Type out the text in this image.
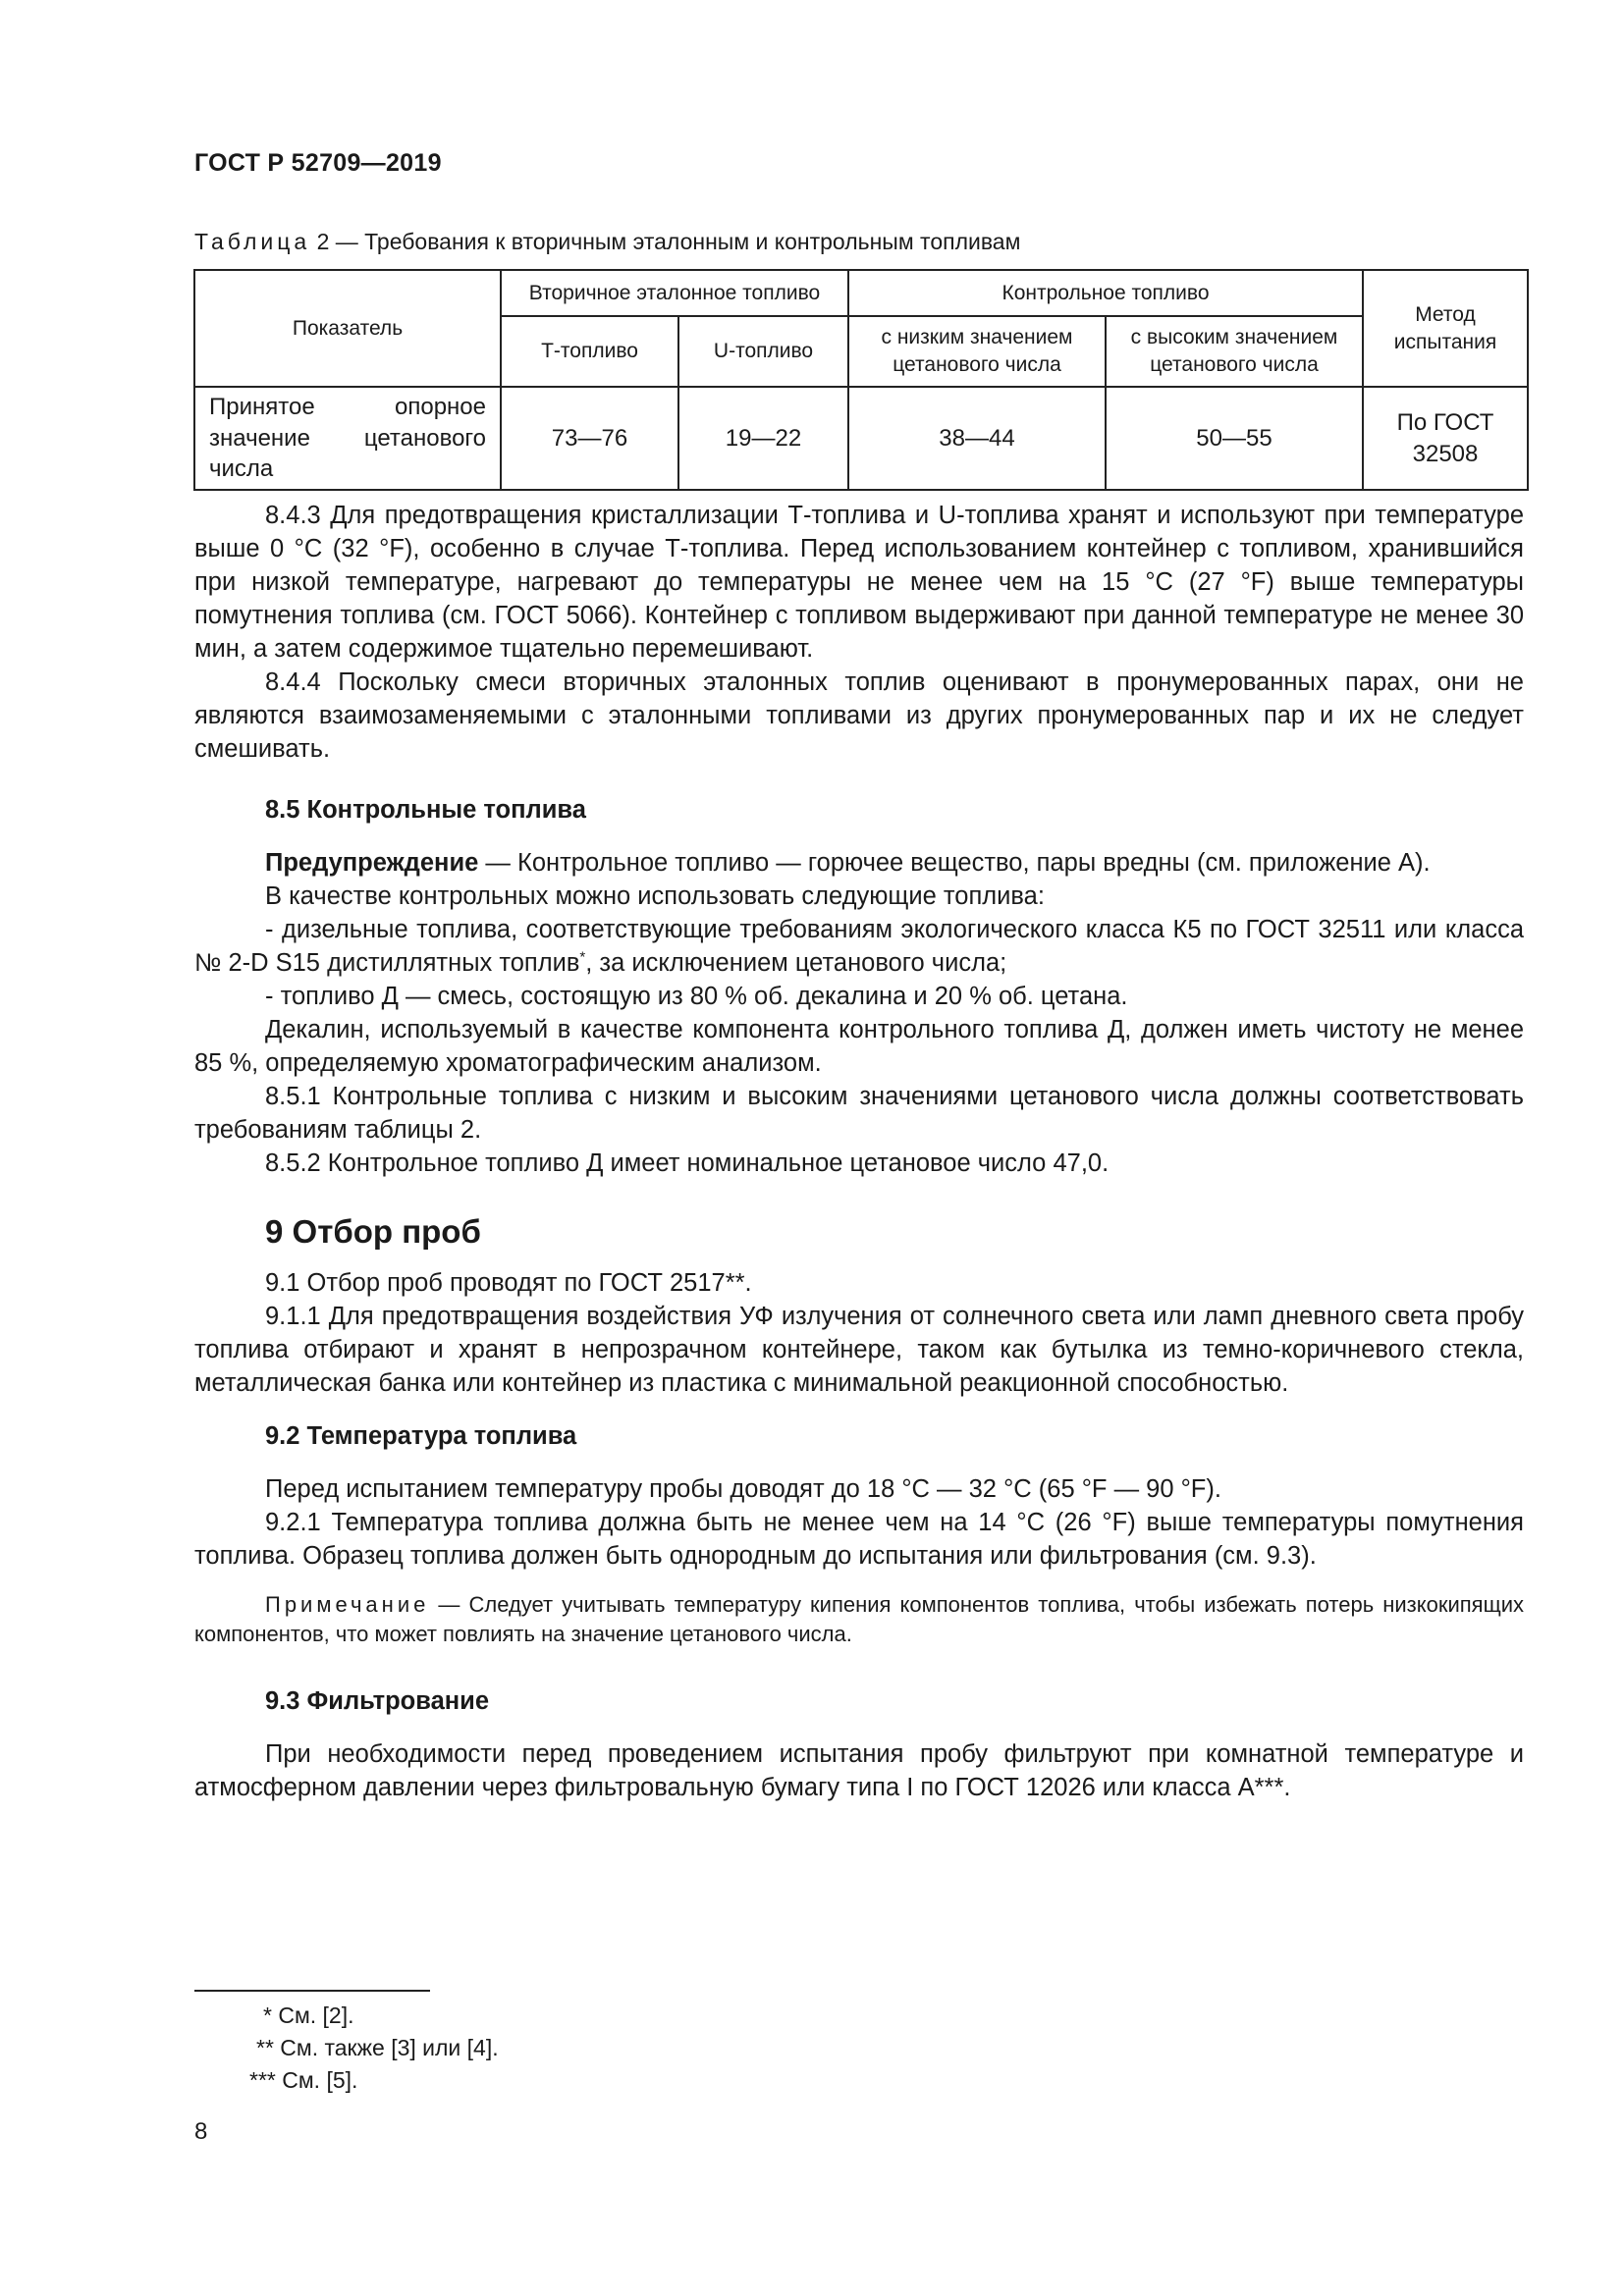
ГОСТ Р 52709—2019
Таблица 2 — Требования к вторичным эталонным и контрольным топливам
Показатель	Вторичное эталонное топливо		Контрольное топливо		Метод испытания
	Т-топливо	U-топливо	с низким значением цетанового числа	с высоким значением цетанового числа	
Принятое опорное значение цетанового числа	73—76	19—22	38—44	50—55	По ГОСТ 32508

8.4.3 Для предотвращения кристаллизации Т-топлива и U-топлива хранят и используют при температуре выше 0 °С (32 °F), особенно в случае Т-топлива. Перед использованием контейнер с топливом, хранившийся при низкой температуре, нагревают до температуры не менее чем на 15 °С (27 °F) выше температуры помутнения топлива (см. ГОСТ 5066). Контейнер с топливом выдерживают при данной температуре не менее 30 мин, а затем содержимое тщательно перемешивают.

8.4.4 Поскольку смеси вторичных эталонных топлив оценивают в пронумерованных парах, они не являются взаимозаменяемыми с эталонными топливами из других пронумерованных пар и их не следует смешивать.

8.5 Контрольные топлива

Предупреждение — Контрольное топливо — горючее вещество, пары вредны (см. приложение А).

В качестве контрольных можно использовать следующие топлива:

- дизельные топлива, соответствующие требованиям экологического класса К5 по ГОСТ 32511 или класса № 2-D S15 дистиллятных топлив*, за исключением цетанового числа;

- топливо Д — смесь, состоящую из 80 % об. декалина и 20 % об. цетана.

Декалин, используемый в качестве компонента контрольного топлива Д, должен иметь чистоту не менее 85 %, определяемую хроматографическим анализом.

8.5.1 Контрольные топлива с низким и высоким значениями цетанового числа должны соответствовать требованиям таблицы 2.

8.5.2 Контрольное топливо Д имеет номинальное цетановое число 47,0.

9 Отбор проб

9.1 Отбор проб проводят по ГОСТ 2517**.

9.1.1 Для предотвращения воздействия УФ излучения от солнечного света или ламп дневного света пробу топлива отбирают и хранят в непрозрачном контейнере, таком как бутылка из темно-коричневого стекла, металлическая банка или контейнер из пластика с минимальной реакционной способностью.

9.2 Температура топлива

Перед испытанием температуру пробы доводят до 18 °С — 32 °С (65 °F — 90 °F).

9.2.1 Температура топлива должна быть не менее чем на 14 °С (26 °F) выше температуры помутнения топлива. Образец топлива должен быть однородным до испытания или фильтрования (см. 9.3).

Примечание — Следует учитывать температуру кипения компонентов топлива, чтобы избежать потерь низкокипящих компонентов, что может повлиять на значение цетанового числа.

9.3 Фильтрование

При необходимости перед проведением испытания пробу фильтруют при комнатной температуре и атмосферном давлении через фильтровальную бумагу типа I по ГОСТ 12026 или класса А***.

* См. [2].
** См. также [3] или [4].
*** См. [5].
8
